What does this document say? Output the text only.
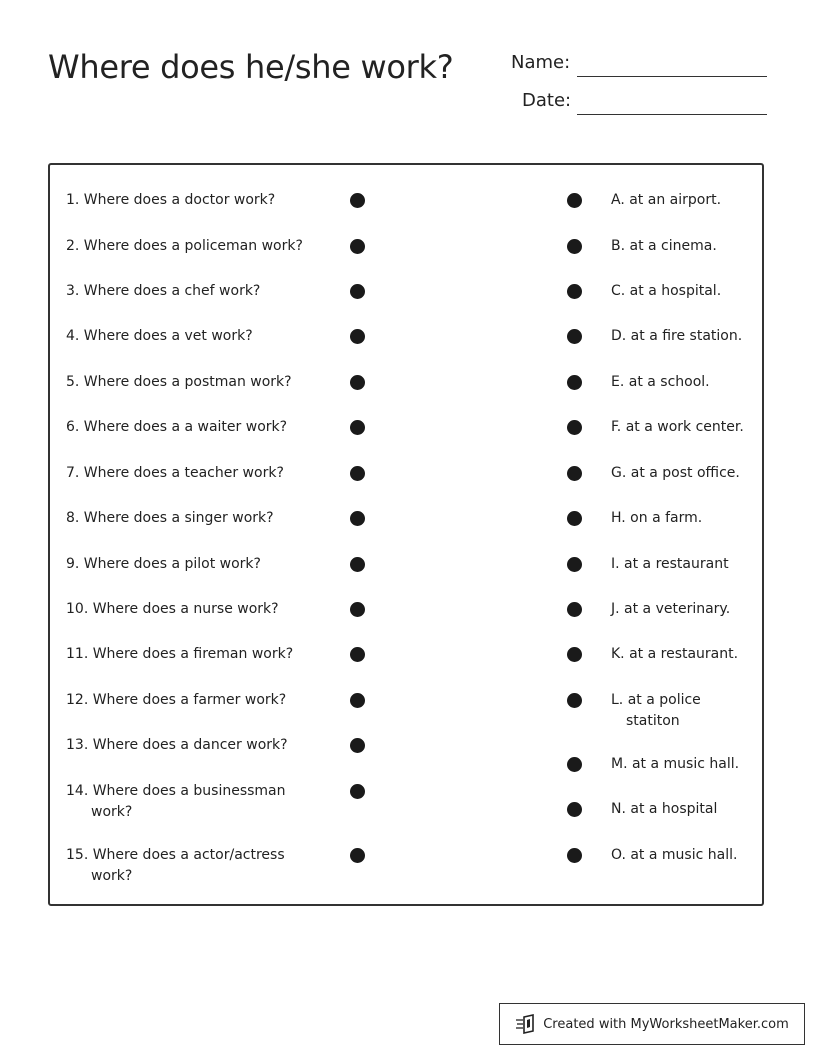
Where does he/she work?	Name:
Date:
1. Where does a doctor work?
2. Where does a policeman work?
3. Where does a chef work?
4. Where does a vet work?
5. Where does a postman work?
6. Where does a a waiter work?
7. Where does a teacher work?
8. Where does a singer work?
9. Where does a pilot work?
10. Where does a nurse work?
11. Where does a fireman work?
12. Where does a farmer work?
13. Where does a dancer work?
14. Where does a businessman
work?
15. Where does a actor/actress
work?
A. at an airport.
B. at a cinema.
C. at a hospital.
D. at a fire station.
E. at a school.
F. at a work center.
G. at a post office.
H. on a farm.
I. at a restaurant
J. at a veterinary.
K. at a restaurant.
L. at a police
statiton
M. at a music hall.
N. at a hospital
O. at a music hall.
Created with MyWorksheetMaker.com
